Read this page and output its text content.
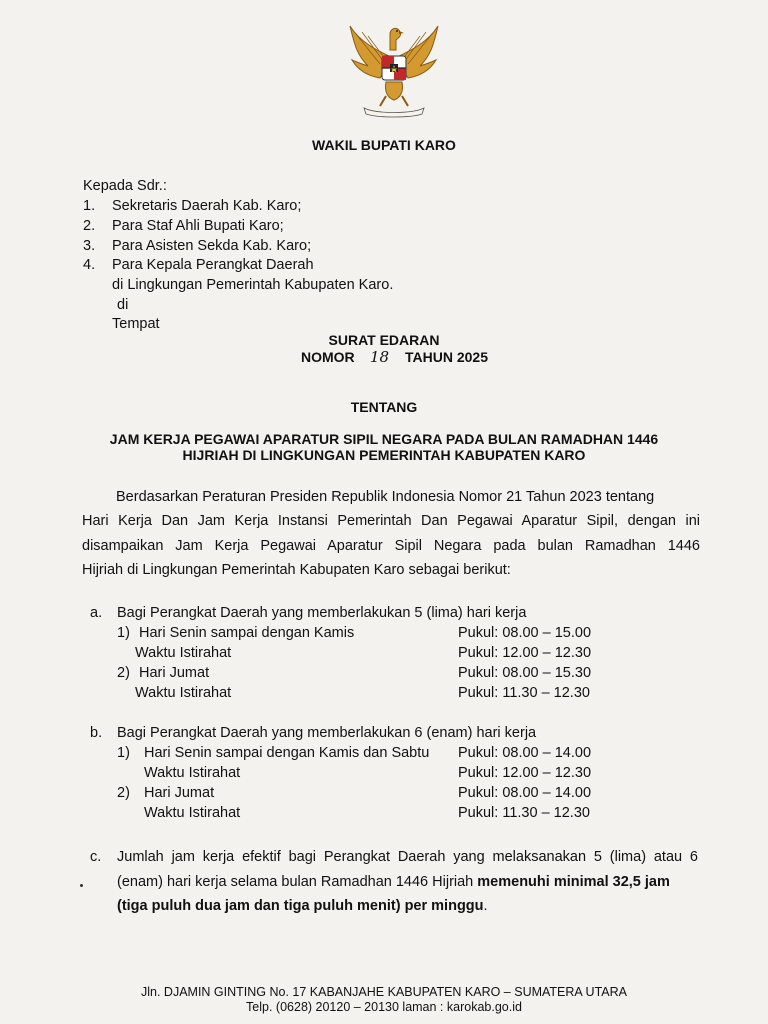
WAKIL BUPATI KARO
Kepada Sdr.:
1. Sekretaris Daerah Kab. Karo;
2. Para Staf Ahli Bupati Karo;
3. Para Asisten Sekda Kab. Karo;
4. Para Kepala Perangkat Daerah
di Lingkungan Pemerintah Kabupaten Karo.
di
Tempat
SURAT EDARAN
NOMOR 18 TAHUN 2025
TENTANG
JAM KERJA PEGAWAI APARATUR SIPIL NEGARA PADA BULAN RAMADHAN 1446
HIJRIAH DI LINGKUNGAN PEMERINTAH KABUPATEN KARO
Berdasarkan Peraturan Presiden Republik Indonesia Nomor 21 Tahun 2023 tentang
Hari Kerja Dan Jam Kerja Instansi Pemerintah Dan Pegawai Aparatur Sipil, dengan ini
disampaikan Jam Kerja Pegawai Aparatur Sipil Negara pada bulan Ramadhan 1446
Hijriah di Lingkungan Pemerintah Kabupaten Karo sebagai berikut:
a. Bagi Perangkat Daerah yang memberlakukan 5 (lima) hari kerja
1) Hari Senin sampai dengan Kamis	Pukul: 08.00 – 15.00
Waktu Istirahat	Pukul: 12.00 – 12.30
2) Hari Jumat	Pukul: 08.00 – 15.30
Waktu Istirahat	Pukul: 11.30 – 12.30
b. Bagi Perangkat Daerah yang memberlakukan 6 (enam) hari kerja
1) Hari Senin sampai dengan Kamis dan Sabtu Pukul: 08.00 – 14.00
Waktu Istirahat	Pukul: 12.00 – 12.30
2) Hari Jumat	Pukul: 08.00 – 14.00
Waktu Istirahat	Pukul: 11.30 – 12.30
c. Jumlah jam kerja efektif bagi Perangkat Daerah yang melaksanakan 5 (lima) atau 6
(enam) hari kerja selama bulan Ramadhan 1446 Hijriah memenuhi minimal 32,5 jam
(tiga puluh dua jam dan tiga puluh menit) per minggu.
Jln. DJAMIN GINTING No. 17 KABANJAHE KABUPATEN KARO – SUMATERA UTARA
Telp. (0628) 20120 – 20130 laman : karokab.go.id
